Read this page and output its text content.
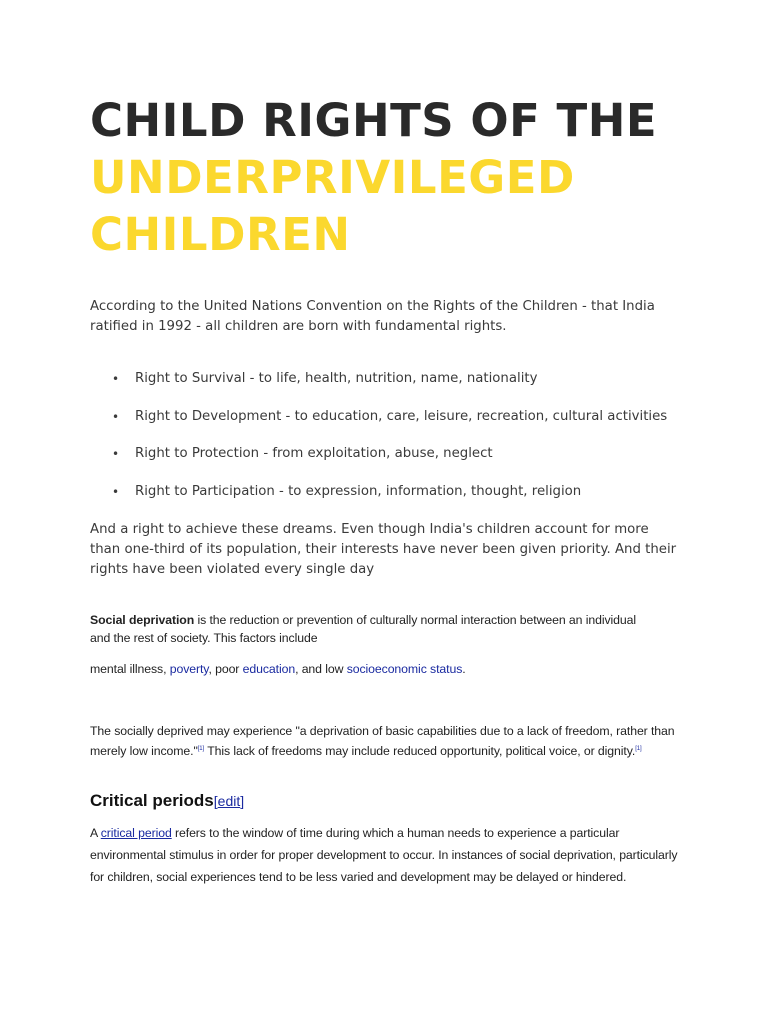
CHILD RIGHTS OF THE
UNDERPRIVILEGED
CHILDREN

According to the United Nations Convention on the Rights of the Children - that India ratified in 1992 - all children are born with fundamental rights.

• Right to Survival - to life, health, nutrition, name, nationality
• Right to Development - to education, care, leisure, recreation, cultural activities
• Right to Protection - from exploitation, abuse, neglect
• Right to Participation - to expression, information, thought, religion

And a right to achieve these dreams. Even though India's children account for more than one-third of its population, their interests have never been given priority. And their rights have been violated every single day

Social deprivation is the reduction or prevention of culturally normal interaction between an individual and the rest of society. This factors include

mental illness, poverty, poor education, and low socioeconomic status.

The socially deprived may experience "a deprivation of basic capabilities due to a lack of freedom, rather than merely low income."[1] This lack of freedoms may include reduced opportunity, political voice, or dignity.[1]

Critical periods[edit]

A critical period refers to the window of time during which a human needs to experience a particular environmental stimulus in order for proper development to occur. In instances of social deprivation, particularly for children, social experiences tend to be less varied and development may be delayed or hindered.
